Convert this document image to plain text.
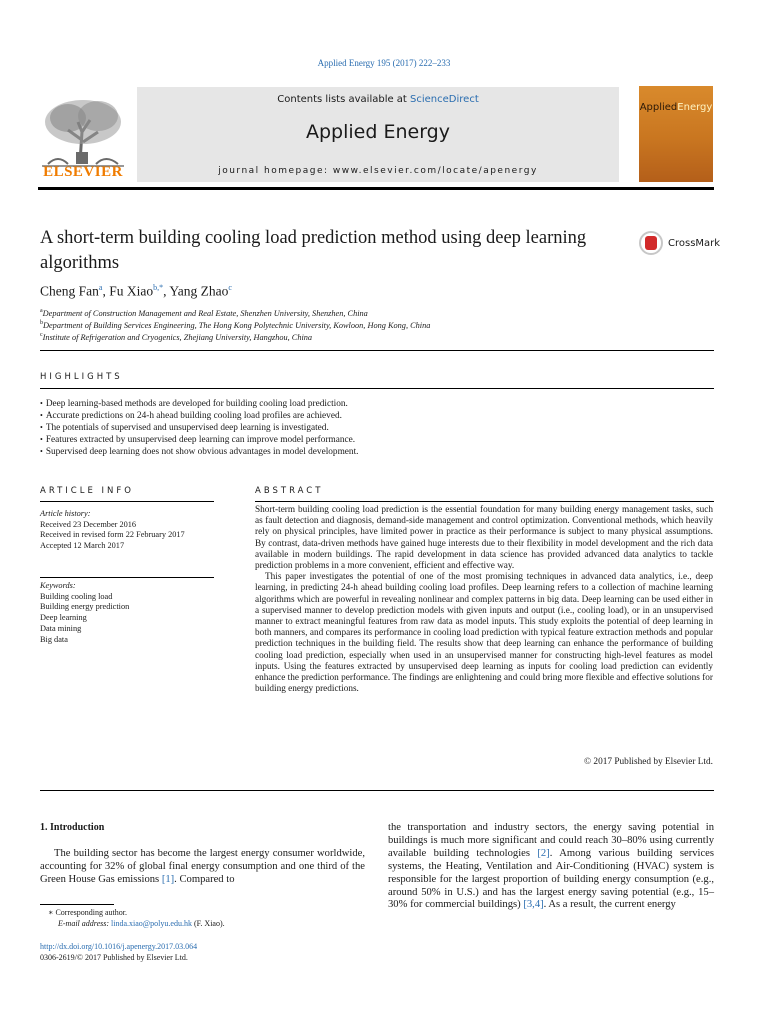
Applied Energy 195 (2017) 222–233
ELSEVIER
Contents lists available at ScienceDirect
Applied Energy
journal homepage: www.elsevier.com/locate/apenergy
AppliedEnergy
A short-term building cooling load prediction method using deep learning algorithms
CrossMark
Cheng Fan$^a$, Fu Xiao$^{b,*}$, Yang Zhao$^c$
$^a$Department of Construction Management and Real Estate, Shenzhen University, Shenzhen, China
$^b$Department of Building Services Engineering, The Hong Kong Polytechnic University, Kowloon, Hong Kong, China
$^c$Institute of Refrigeration and Cryogenics, Zhejiang University, Hangzhou, China
HIGHLIGHTS
• Deep learning-based methods are developed for building cooling load prediction.
• Accurate predictions on 24-h ahead building cooling load profiles are achieved.
• The potentials of supervised and unsupervised deep learning is investigated.
• Features extracted by unsupervised deep learning can improve model performance.
• Supervised deep learning does not show obvious advantages in model development.
ARTICLE INFO
Article history:
Received 23 December 2016
Received in revised form 22 February 2017
Accepted 12 March 2017
Keywords:
Building cooling load
Building energy prediction
Deep learning
Data mining
Big data
ABSTRACT

Short-term building cooling load prediction is the essential foundation for many building energy management tasks, such as fault detection and diagnosis, demand-side management and control optimization. Conventional methods, which heavily rely on physical principles, have limited power in practice as their performance is subject to many physical assumptions. By contrast, data-driven methods have gained huge interests due to their flexibility in model development and the rich data available in modern buildings. The rapid development in data science has provided advanced data analytics to tackle prediction problems in a more convenient, efficient and effective way.

This paper investigates the potential of one of the most promising techniques in advanced data analytics, i.e., deep learning, in predicting 24-h ahead building cooling load profiles. Deep learning refers to a collection of machine learning algorithms which are powerful in revealing nonlinear and complex patterns in big data. Deep learning can be used either in a supervised manner to develop prediction models with given inputs and output (i.e., cooling load), or in an unsupervised manner to extract meaningful features from raw data as model inputs. This study exploits the potential of deep learning in both manners, and compares its performance in cooling load prediction with typical feature extraction methods and popular prediction techniques in the building field. The results show that deep learning can enhance the performance of building cooling load prediction, especially when used in an unsupervised manner for constructing high-level features as model inputs. Using the features extracted by unsupervised deep learning as inputs for cooling load prediction can evidently enhance the prediction performance. The findings are enlightening and could bring more flexible and effective solutions for building energy predictions.

© 2017 Published by Elsevier Ltd.
1. Introduction

The building sector has become the largest energy consumer worldwide, accounting for 32% of global final energy consumption and one third of the Green House Gas emissions [1]. Compared to

the transportation and industry sectors, the energy saving potential in buildings is much more significant and could reach 30–80% using currently available building technologies [2]. Among various building services systems, the Heating, Ventilation and Air-Conditioning (HVAC) system is responsible for the largest proportion of building energy consumption (e.g., around 50% in U.S.) and has the largest energy saving potential (e.g., 15–30% for commercial buildings) [3,4]. As a result, the current energy

∗ Corresponding author.
E-mail address: linda.xiao@polyu.edu.hk (F. Xiao).
http://dx.doi.org/10.1016/j.apenergy.2017.03.064
0306-2619/© 2017 Published by Elsevier Ltd.
